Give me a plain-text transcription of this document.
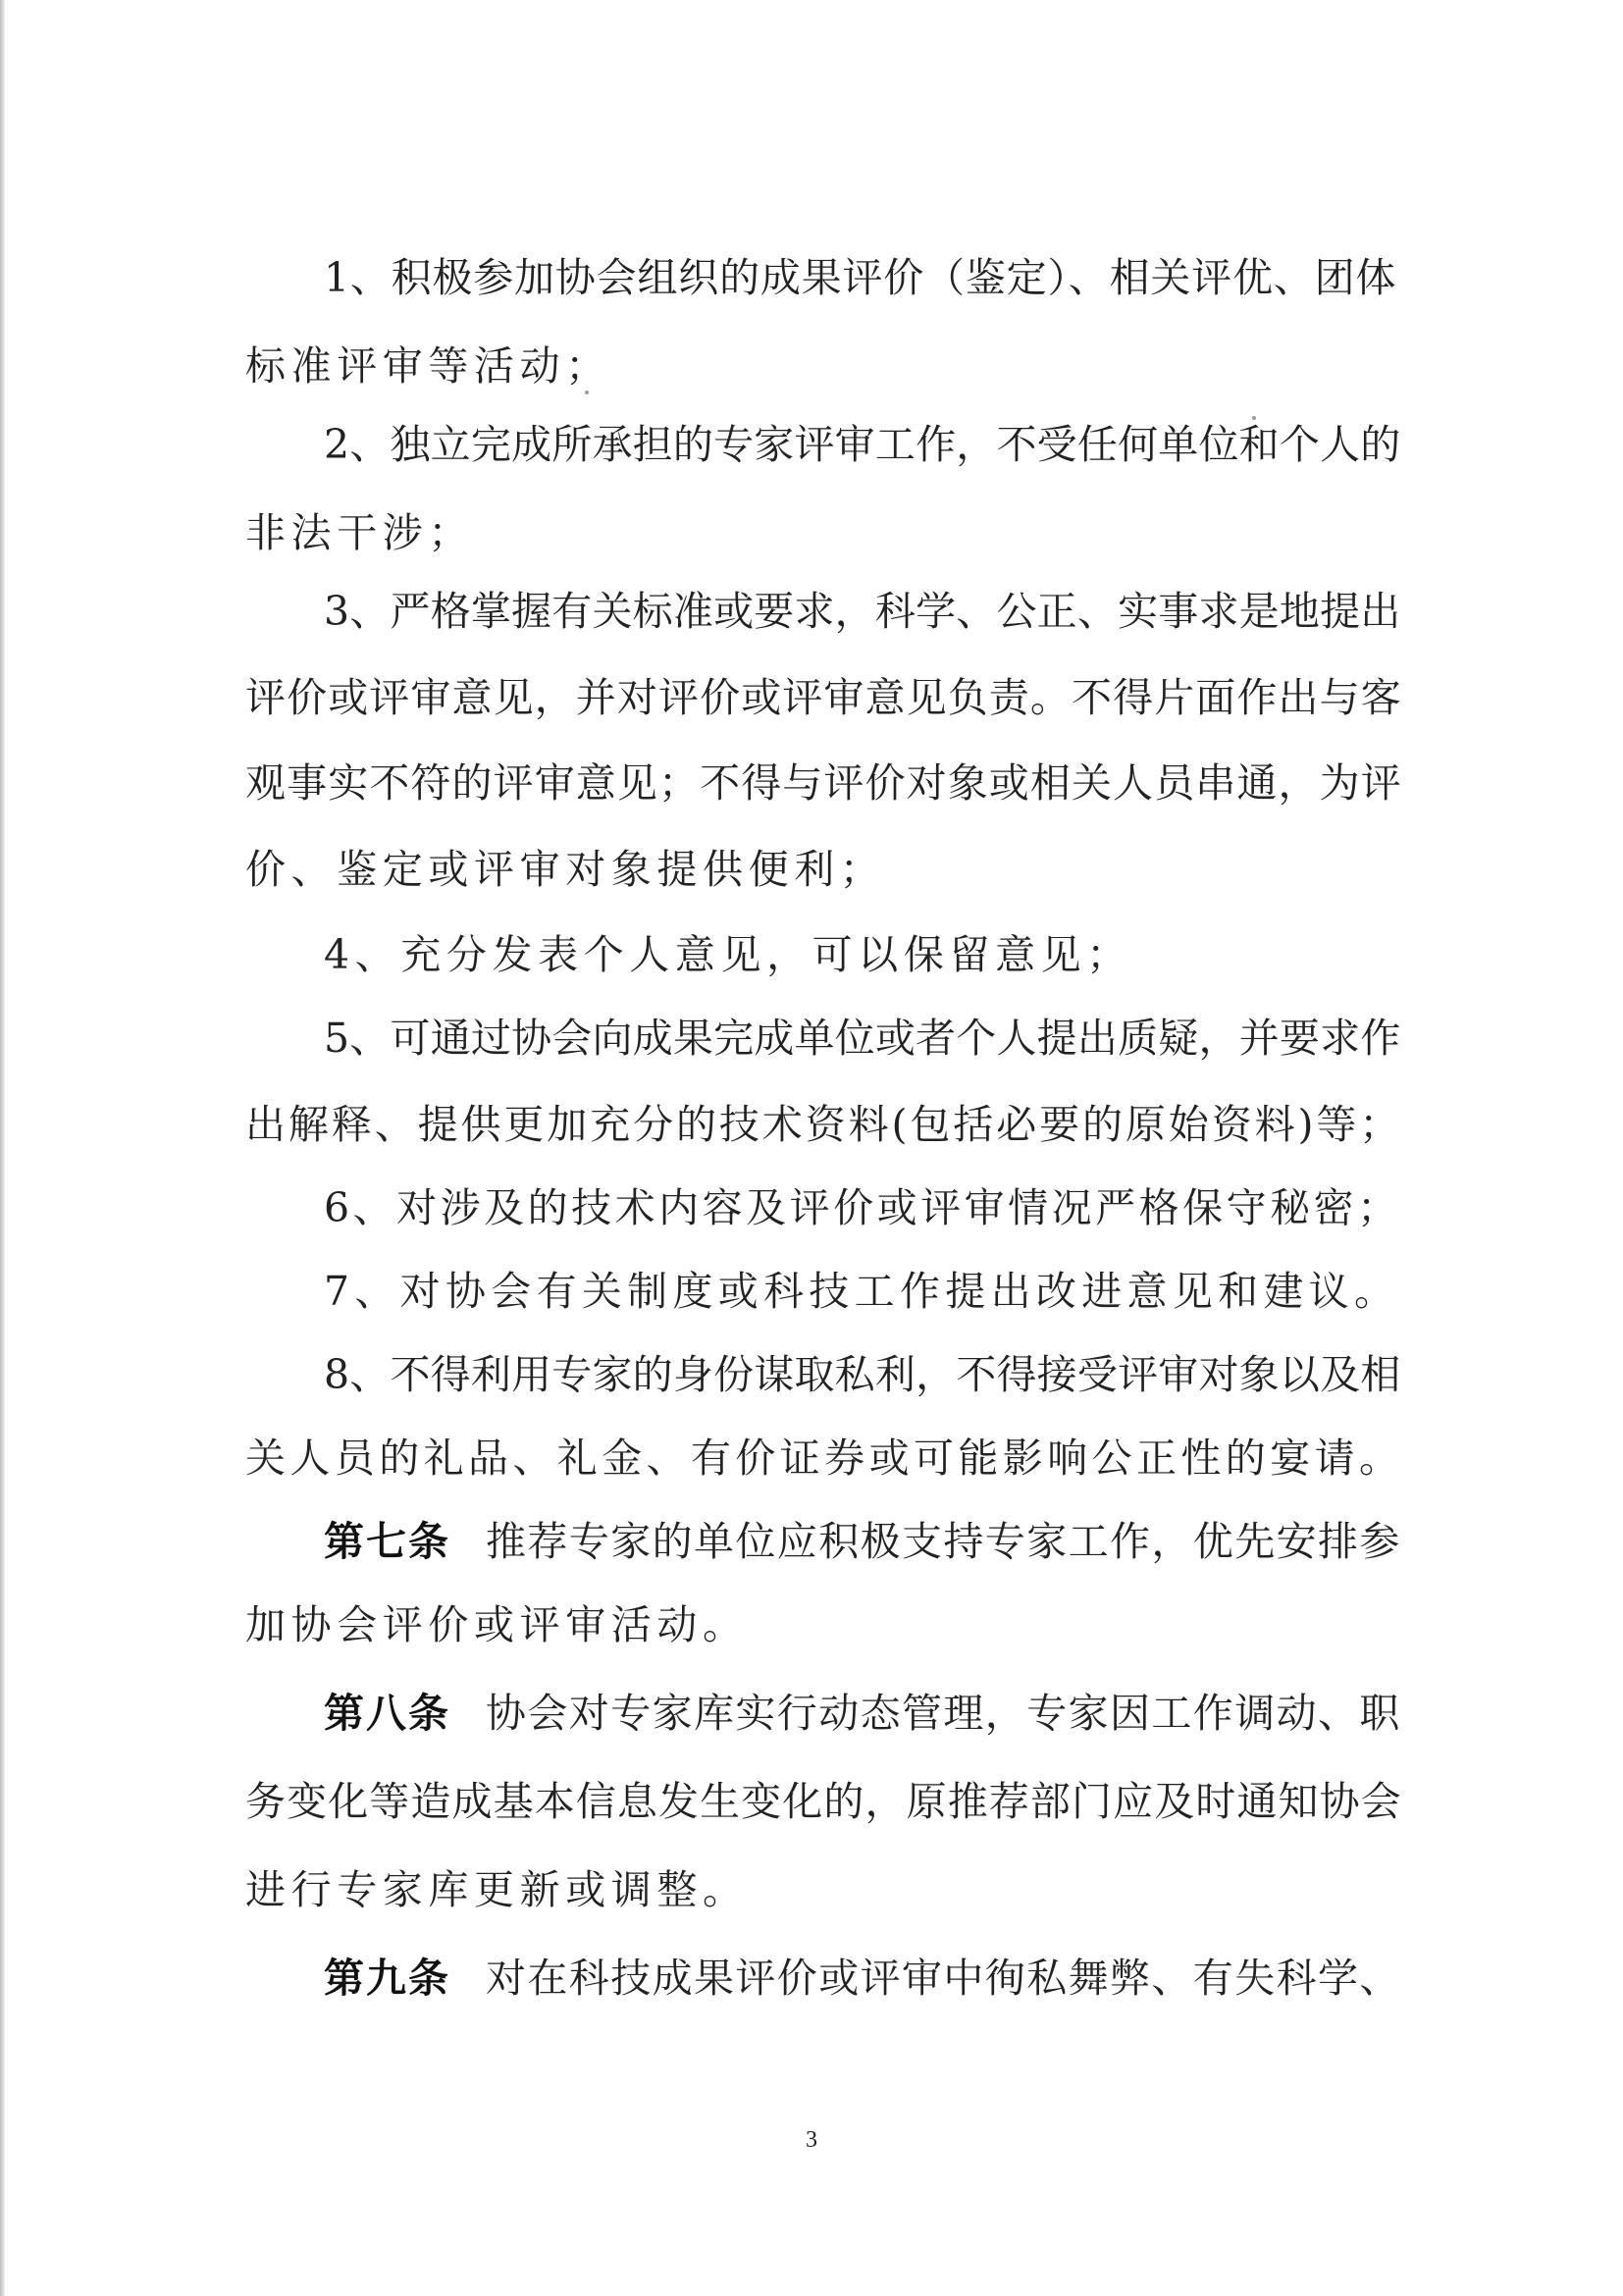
1、积极参加协会组织的成果评价（鉴定）、相关评优、团体
标准评审等活动；
2、独立完成所承担的专家评审工作，不受任何单位和个人的
非法干涉；
3、严格掌握有关标准或要求，科学、公正、实事求是地提出
评价或评审意见，并对评价或评审意见负责。不得片面作出与客
观事实不符的评审意见；不得与评价对象或相关人员串通，为评
价、鉴定或评审对象提供便利；
4、充分发表个人意见，可以保留意见；
5、可通过协会向成果完成单位或者个人提出质疑，并要求作
出解释、提供更加充分的技术资料(包括必要的原始资料)等；
6、对涉及的技术内容及评价或评审情况严格保守秘密；
7、对协会有关制度或科技工作提出改进意见和建议。
8、不得利用专家的身份谋取私利，不得接受评审对象以及相
关人员的礼品、礼金、有价证券或可能影响公正性的宴请。
第七条 推荐专家的单位应积极支持专家工作，优先安排参
加协会评价或评审活动。
第八条 协会对专家库实行动态管理，专家因工作调动、职
务变化等造成基本信息发生变化的，原推荐部门应及时通知协会
进行专家库更新或调整。
第九条 对在科技成果评价或评审中徇私舞弊、有失科学、
3
